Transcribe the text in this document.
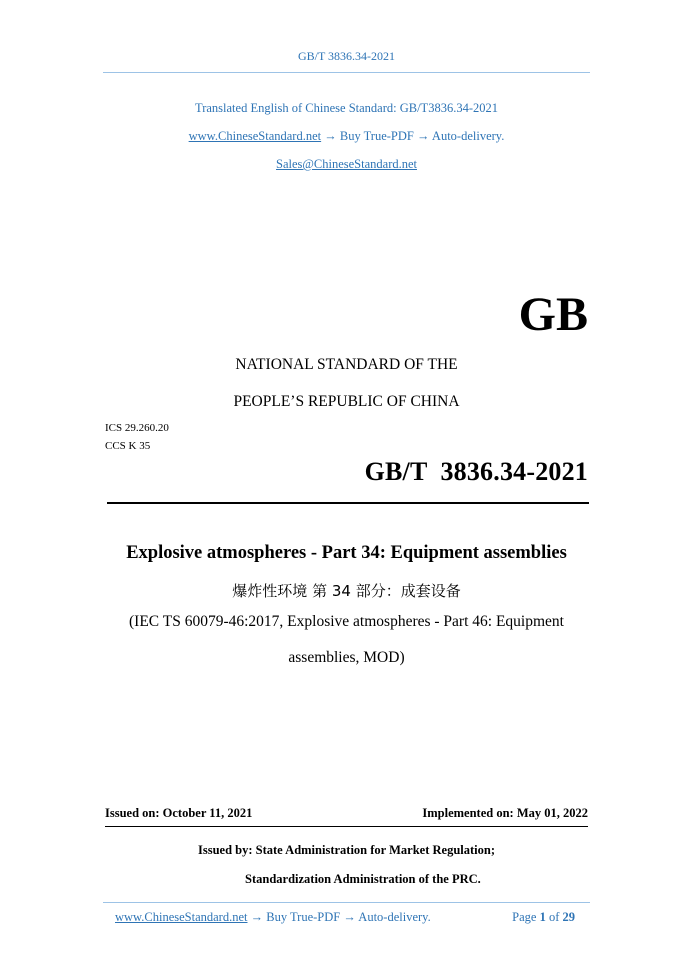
GB/T 3836.34-2021
Translated English of Chinese Standard: GB/T3836.34-2021
www.ChineseStandard.net → Buy True-PDF → Auto-delivery.
Sales@ChineseStandard.net
GB
NATIONAL STANDARD OF THE
PEOPLE’S REPUBLIC OF CHINA
ICS 29.260.20
CCS K 35
GB/T  3836.34-2021
Explosive atmospheres - Part 34: Equipment assemblies
爆炸性环境 第 34 部分：成套设备
(IEC TS 60079-46:2017, Explosive atmospheres - Part 46: Equipment
assemblies, MOD)
Issued on: October 11, 2021	Implemented on: May 01, 2022
Issued by: State Administration for Market Regulation;
Standardization Administration of the PRC.
www.ChineseStandard.net → Buy True-PDF → Auto-delivery.	Page 1 of 29
